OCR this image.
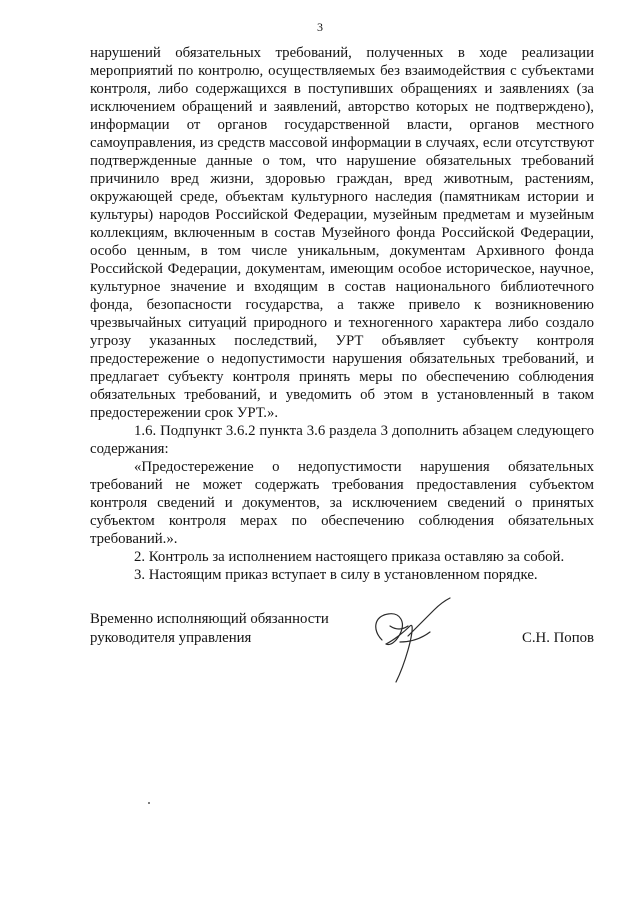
3

нарушений обязательных требований, полученных в ходе реализации мероприятий по контролю, осуществляемых без взаимодействия с субъектами контроля, либо содержащихся в поступивших обращениях и заявлениях (за исключением обращений и заявлений, авторство которых не подтверждено), информации от органов государственной власти, органов местного самоуправления, из средств массовой информации в случаях, если отсутствуют подтвержденные данные о том, что нарушение обязательных требований причинило вред жизни, здоровью граждан, вред животным, растениям, окружающей среде, объектам культурного наследия (памятникам истории и культуры) народов Российской Федерации, музейным предметам и музейным коллекциям, включенным в состав Музейного фонда Российской Федерации, особо ценным, в том числе уникальным, документам Архивного фонда Российской Федерации, документам, имеющим особое историческое, научное, культурное значение и входящим в состав национального библиотечного фонда, безопасности государства, а также привело к возникновению чрезвычайных ситуаций природного и техногенного характера либо создало угрозу указанных последствий, УРТ объявляет субъекту контроля предостережение о недопустимости нарушения обязательных требований, и предлагает субъекту контроля принять меры по обеспечению соблюдения обязательных требований, и уведомить об этом в установленный в таком предостережении срок УРТ.».

1.6. Подпункт 3.6.2 пункта 3.6 раздела 3 дополнить абзацем следующего содержания:

«Предостережение о недопустимости нарушения обязательных требований не может содержать требования предоставления субъектом контроля сведений и документов, за исключением сведений о принятых субъектом контроля мерах по обеспечению соблюдения обязательных требований.».

2. Контроль за исполнением настоящего приказа оставляю за собой.

3. Настоящим приказ вступает в силу в установленном порядке.

Временно исполняющий обязанности
руководителя управления	С.Н. Попов
